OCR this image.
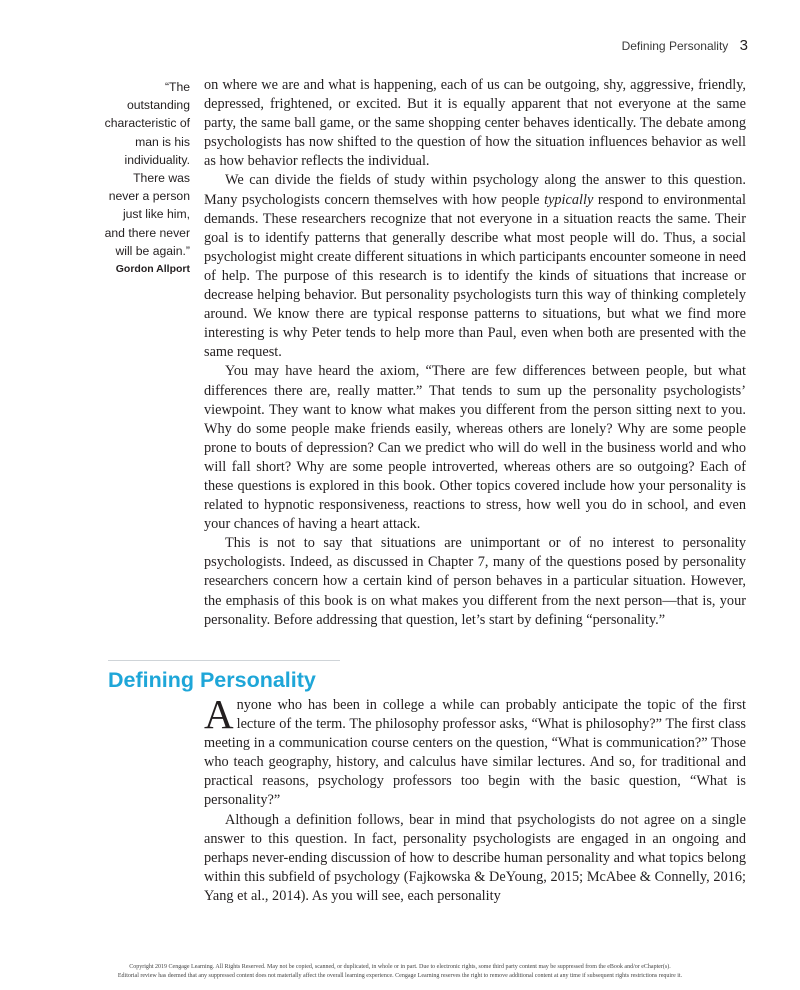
Defining Personality 3
“The outstanding characteristic of man is his individuality. There was never a person just like him, and there never will be again.”
Gordon Allport

on where we are and what is happening, each of us can be outgoing, shy, aggressive, friendly, depressed, frightened, or excited. But it is equally apparent that not everyone at the same party, the same ball game, or the same shopping center behaves identically. The debate among psychologists has now shifted to the question of how the situation influences behavior as well as how behavior reflects the individual.

We can divide the fields of study within psychology along the answer to this question. Many psychologists concern themselves with how people typically respond to environmental demands. These researchers recognize that not everyone in a situation reacts the same. Their goal is to identify patterns that generally describe what most people will do. Thus, a social psychologist might create different situations in which participants encounter someone in need of help. The purpose of this research is to identify the kinds of situations that increase or decrease helping behavior. But personality psychologists turn this way of thinking completely around. We know there are typical response patterns to situations, but what we find more interesting is why Peter tends to help more than Paul, even when both are presented with the same request.

You may have heard the axiom, “There are few differences between people, but what differences there are, really matter.” That tends to sum up the personality psychologists’ viewpoint. They want to know what makes you different from the person sitting next to you. Why do some people make friends easily, whereas others are lonely? Why are some people prone to bouts of depression? Can we predict who will do well in the business world and who will fall short? Why are some people introverted, whereas others are so outgoing? Each of these questions is explored in this book. Other topics covered include how your personality is related to hypnotic responsiveness, reactions to stress, how well you do in school, and even your chances of having a heart attack.

This is not to say that situations are unimportant or of no interest to personality psychologists. Indeed, as discussed in Chapter 7, many of the questions posed by personality researchers concern how a certain kind of person behaves in a particular situation. However, the emphasis of this book is on what makes you different from the next person—that is, your personality. Before addressing that question, let’s start by defining “personality.”

Defining Personality

Anyone who has been in college a while can probably anticipate the topic of the first lecture of the term. The philosophy professor asks, “What is philosophy?” The first class meeting in a communication course centers on the question, “What is communication?” Those who teach geography, history, and calculus have similar lectures. And so, for traditional and practical reasons, psychology professors too begin with the basic question, “What is personality?”

Although a definition follows, bear in mind that psychologists do not agree on a single answer to this question. In fact, personality psychologists are engaged in an ongoing and perhaps never-ending discussion of how to describe human personality and what topics belong within this subfield of psychology (Fajkowska & DeYoung, 2015; McAbee & Connelly, 2016; Yang et al., 2014). As you will see, each personality

Copyright 2019 Cengage Learning. All Rights Reserved. May not be copied, scanned, or duplicated, in whole or in part. Due to electronic rights, some third party content may be suppressed from the eBook and/or eChapter(s).
Editorial review has deemed that any suppressed content does not materially affect the overall learning experience. Cengage Learning reserves the right to remove additional content at any time if subsequent rights restrictions require it.
